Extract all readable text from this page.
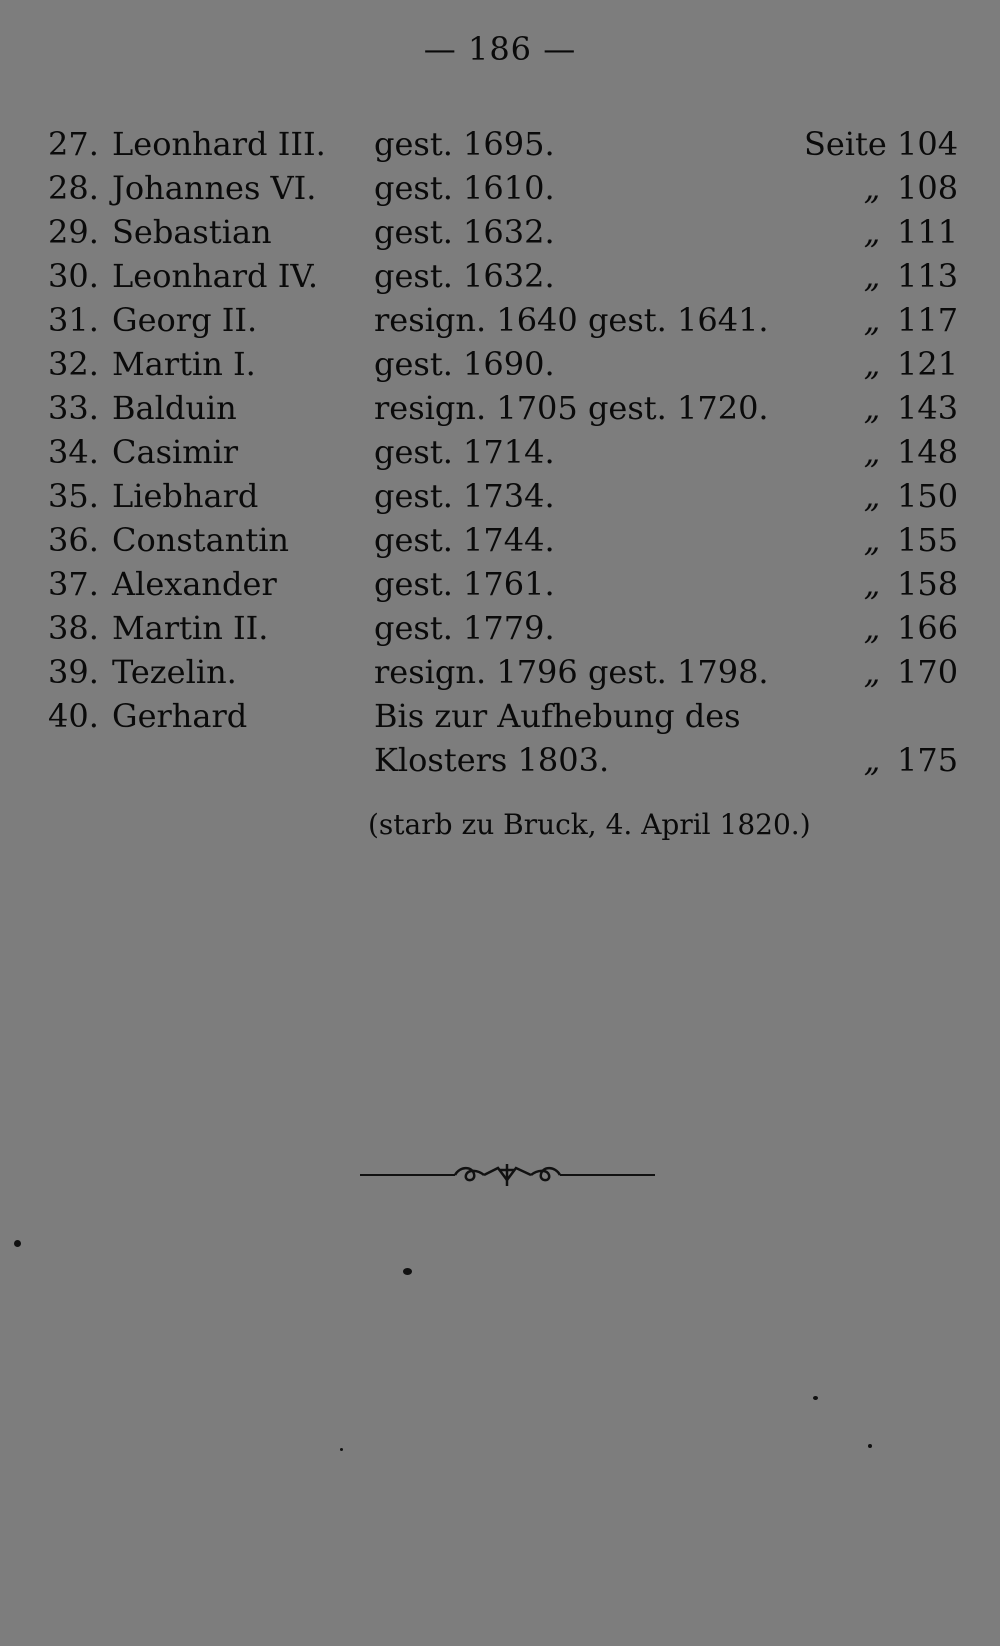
— 186 —
27. Leonhard III. gest. 1695.	Seite 104
28. Johannes VI. gest. 1610.	„ 108
29. Sebastian	gest. 1632.	„ 111
30. Leonhard IV. gest. 1632.	„ 113
31. Georg II.	resign. 1640 gest. 1641.	„ 117
32. Martin I.	gest. 1690.	„ 121
33. Balduin	resign. 1705 gest. 1720.	„ 143
34. Casimir	gest. 1714.	„ 148
35. Liebhard	gest. 1734.	„ 150
36. Constantin	gest. 1744.	„ 155
37. Alexander	gest. 1761.	„ 158
38. Martin II.	gest. 1779.	„ 166
39. Tezelin.	resign. 1796 gest. 1798.	„ 170
40. Gerhard	Bis zur Aufhebung des
Klosters 1803.	„ 175
(starb zu Bruck, 4. April 1820.)
